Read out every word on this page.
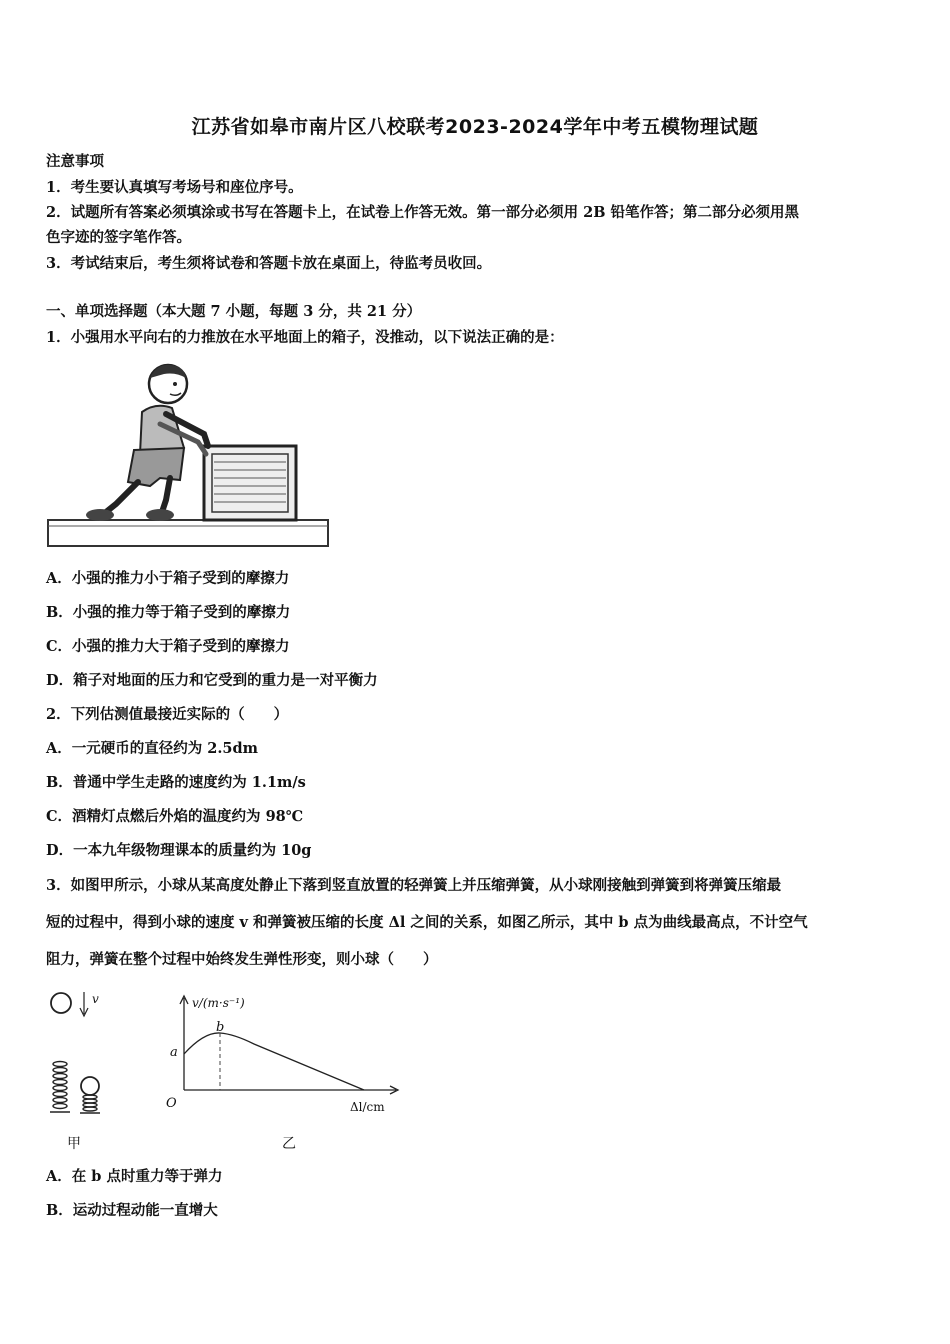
江苏省如皋市南片区八校联考2023-2024学年中考五模物理试题
注意事项
1．考生要认真填写考场号和座位序号。
2．试题所有答案必须填涂或书写在答题卡上，在试卷上作答无效。第一部分必须用 2B 铅笔作答；第二部分必须用黑
色字迹的签字笔作答。
3．考试结束后，考生须将试卷和答题卡放在桌面上，待监考员收回。
一、单项选择题（本大题 7 小题，每题 3 分，共 21 分）
1．小强用水平向右的力推放在水平地面上的箱子，没推动，以下说法正确的是：
A．小强的推力小于箱子受到的摩擦力
B．小强的推力等于箱子受到的摩擦力
C．小强的推力大于箱子受到的摩擦力
D．箱子对地面的压力和它受到的重力是一对平衡力
2．下列估测值最接近实际的（　　）
A．一元硬币的直径约为 2.5dm
B．普通中学生走路的速度约为 1.1m/s
C．酒精灯点燃后外焰的温度约为 98℃
D．一本九年级物理课本的质量约为 10g
3．如图甲所示，小球从某高度处静止下落到竖直放置的轻弹簧上并压缩弹簧，从小球刚接触到弹簧到将弹簧压缩最
短的过程中，得到小球的速度 v 和弹簧被压缩的长度 Δl 之间的关系，如图乙所示，其中 b 点为曲线最高点，不计空气
阻力，弹簧在整个过程中始终发生弹性形变，则小球（　　）
v
甲
v/(m·s⁻¹)
b
a
O	Δl/cm
乙
A．在 b 点时重力等于弹力
B．运动过程动能一直增大
